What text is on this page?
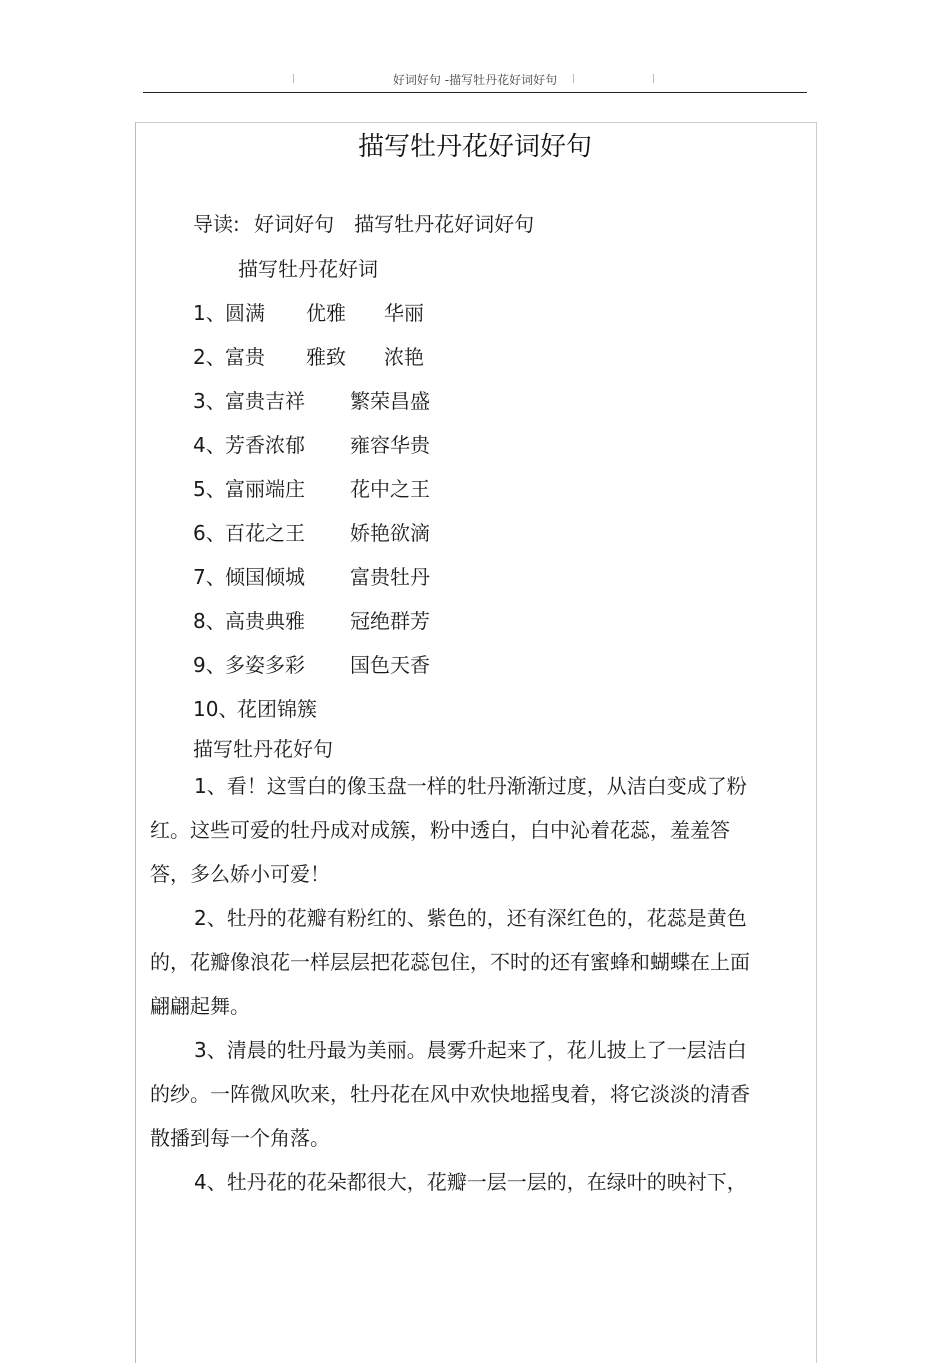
好词好句 -描写牡丹花好词好句
描写牡丹花好词好句
导读: 好词好句　描写牡丹花好词好句
描写牡丹花好词
1、 圆满 优雅 华丽
2、 富贵 雅致 浓艳
3、 富贵吉祥 繁荣昌盛
4、 芳香浓郁 雍容华贵
5、 富丽端庄 花中之王
6、 百花之王 娇艳欲滴
7、 倾国倾城 富贵牡丹
8、 高贵典雅 冠绝群芳
9、 多姿多彩 国色天香
10、
花团锦簇
描写牡丹花好句
1、看！这雪白的像玉盘一样的牡丹渐渐过度，从洁白变成了粉红。这些可爱的牡丹成对成簇，粉中透白，白中沁着花蕊，羞羞答答，多么娇小可爱！
2、牡丹的花瓣有粉红的、紫色的，还有深红色的，花蕊是黄色的，花瓣像浪花一样层层把花蕊包住，不时的还有蜜蜂和蝴蝶在上面翩翩起舞。
3、清晨的牡丹最为美丽。晨雾升起来了，花儿披上了一层洁白的纱。一阵微风吹来，牡丹花在风中欢快地摇曳着，将它淡淡的清香散播到每一个角落。
4、牡丹花的花朵都很大，花瓣一层一层的，在绿叶的映衬下，
